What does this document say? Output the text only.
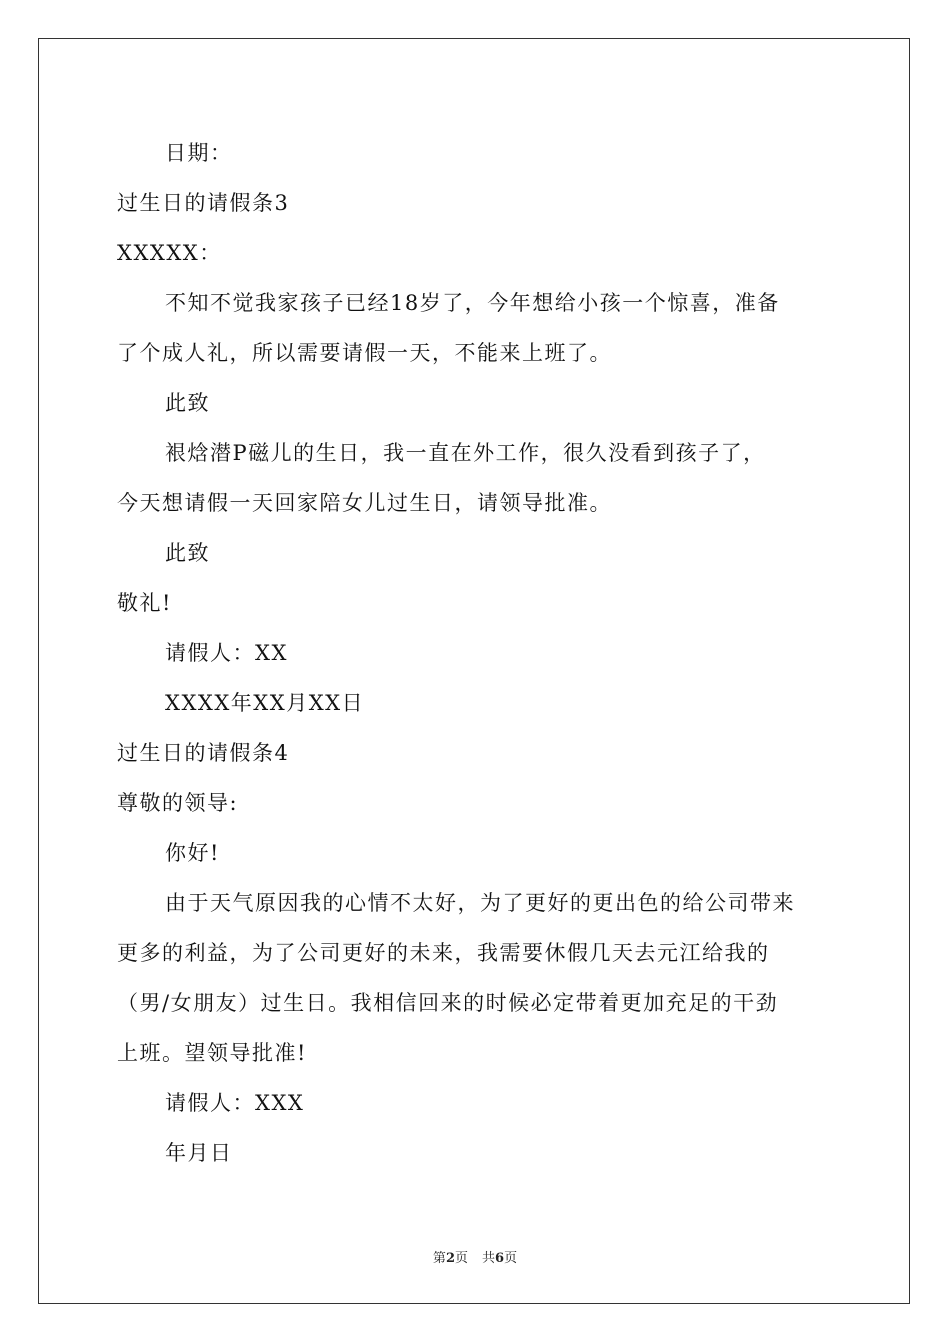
日期：
过生日的请假条3
XXXXX：
不知不觉我家孩子已经18岁了，今年想给小孩一个惊喜，准备
了个成人礼，所以需要请假一天，不能来上班了。
此致
裉焓潜P磁儿的生日，我一直在外工作，很久没看到孩子了，
今天想请假一天回家陪女儿过生日，请领导批准。
此致
敬礼!
请假人：XX
XXXX年XX月XX日
过生日的请假条4
尊敬的领导:
你好!
由于天气原因我的心情不太好，为了更好的更出色的给公司带来
更多的利益，为了公司更好的未来，我需要休假几天去元江给我的
（男/女朋友）过生日。我相信回来的时候必定带着更加充足的干劲
上班。望领导批准!
请假人：XXX
年月日
第2页 共6页
